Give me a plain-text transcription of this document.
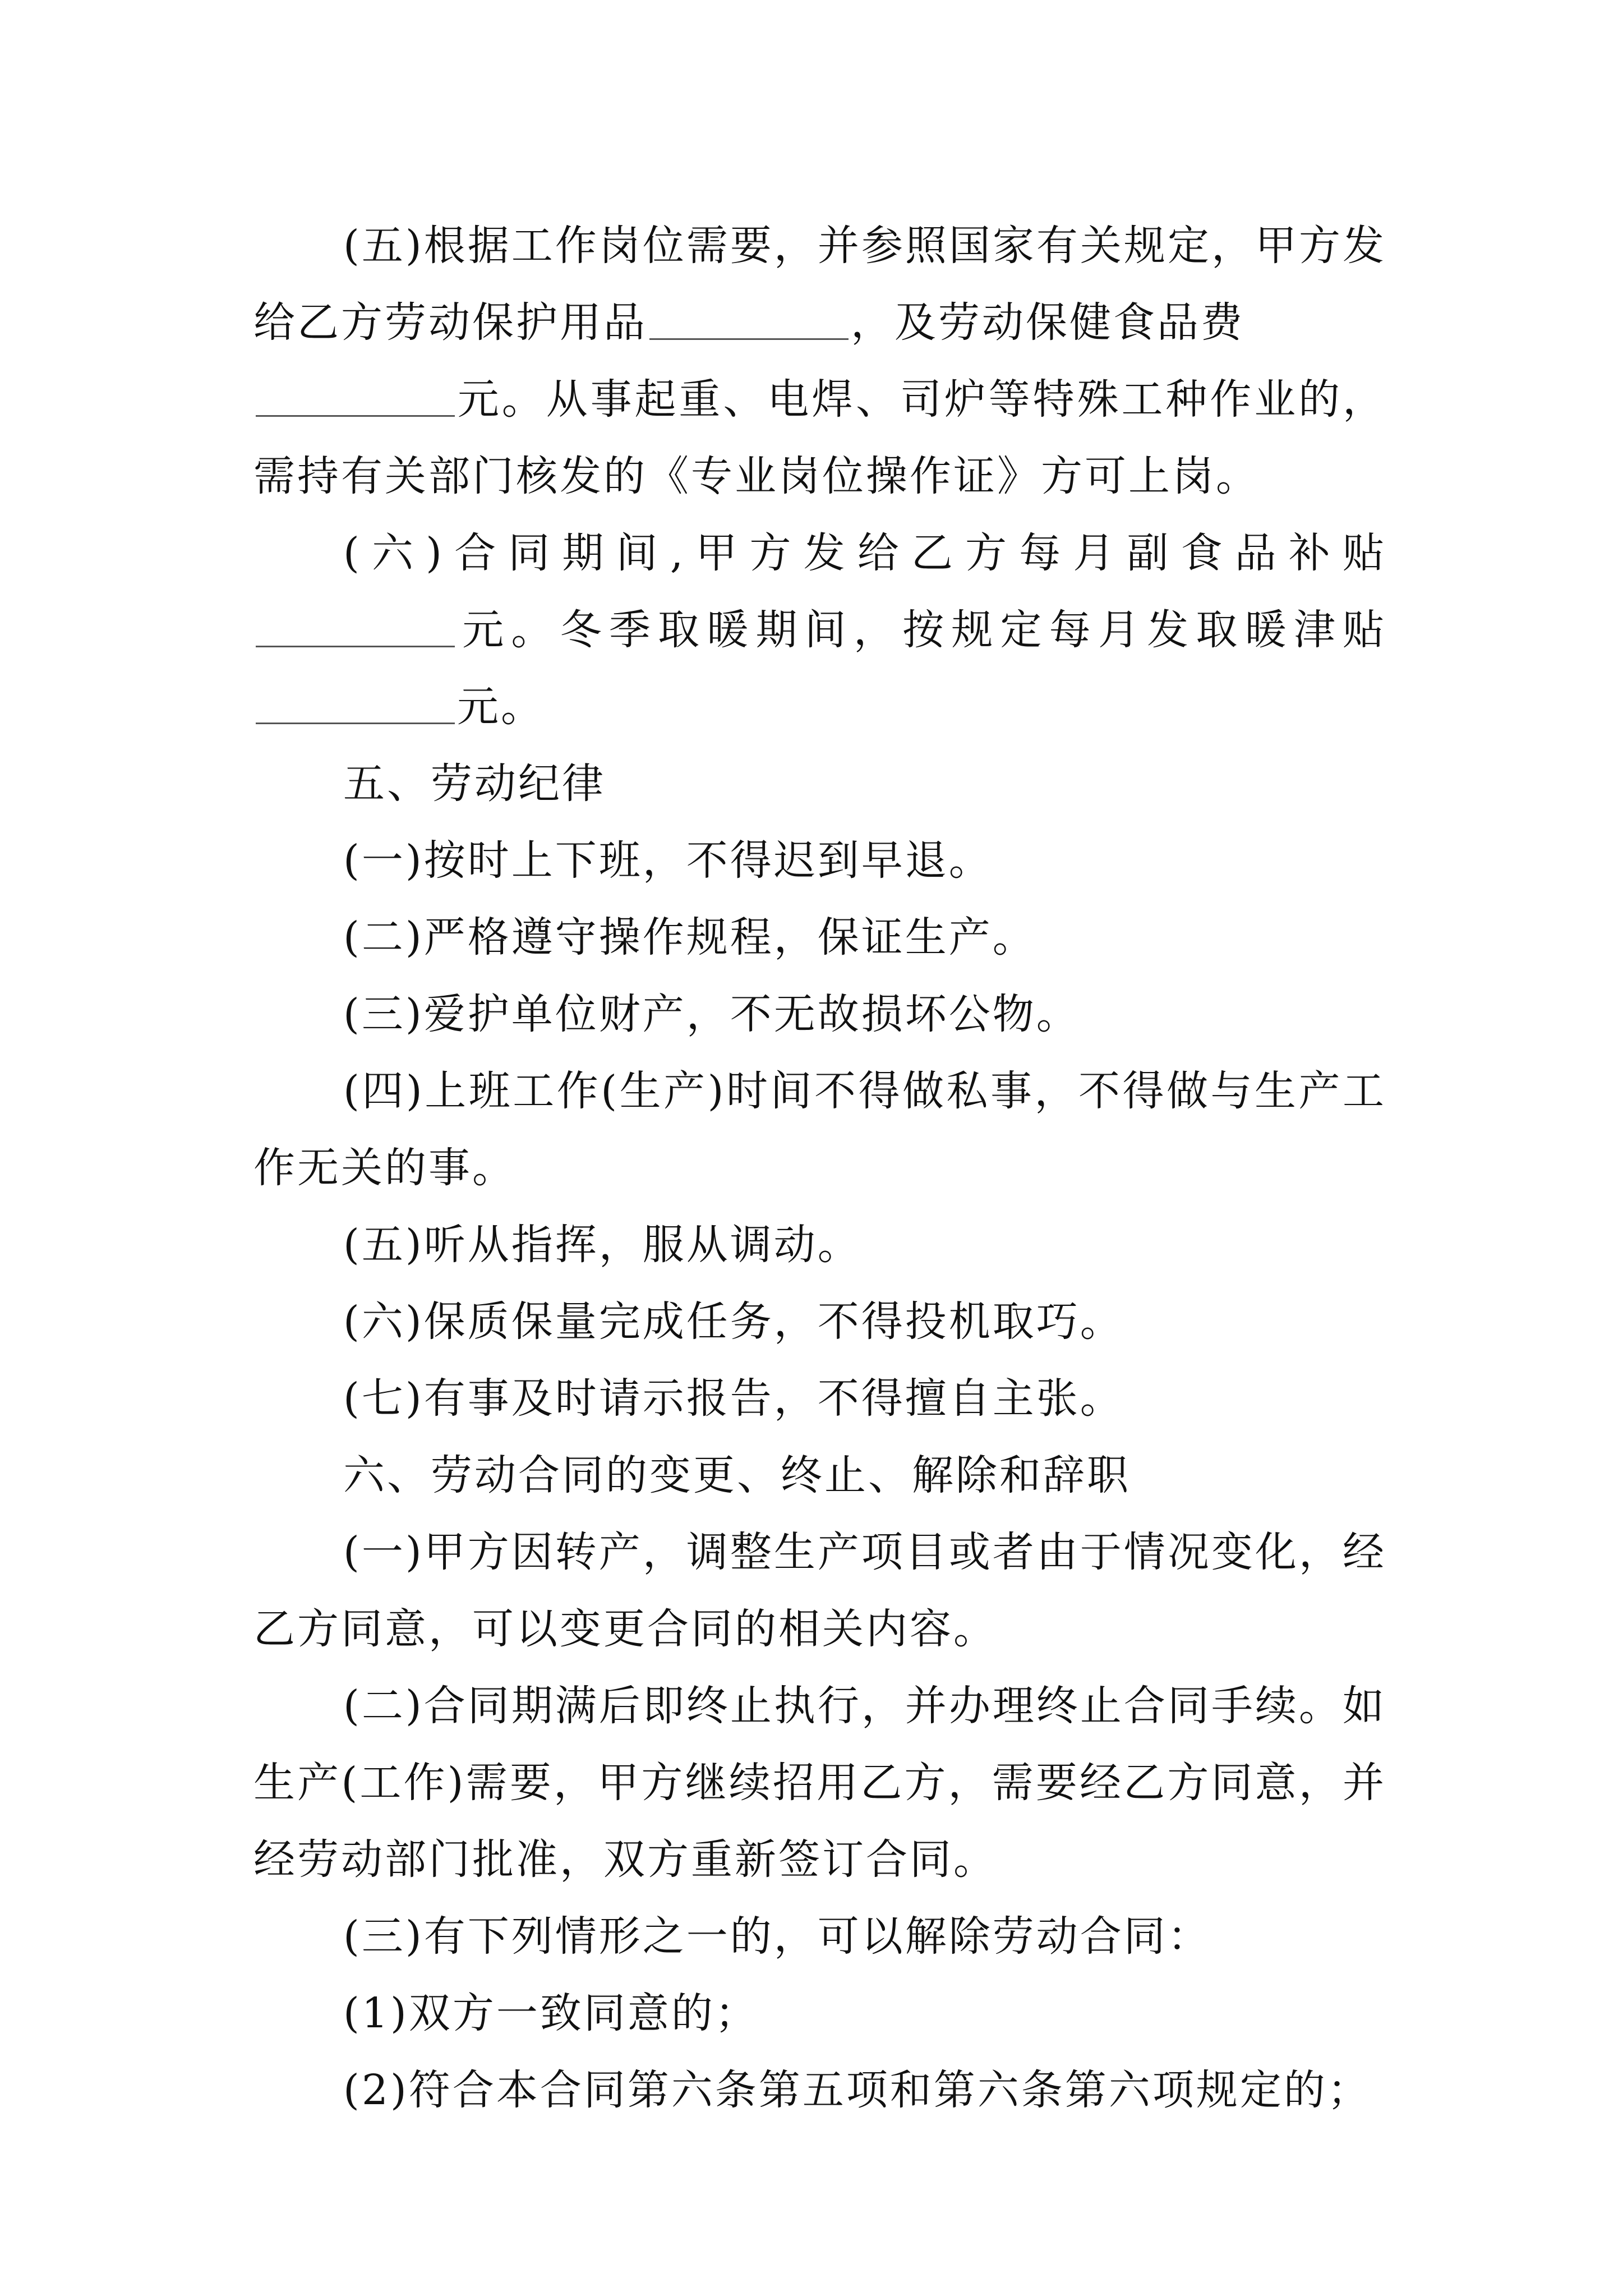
(五)根据工作岗位需要，并参照国家有关规定，甲方发给乙方劳动保护用品	，及劳动保健食品费
元。从事起重、电焊、司炉等特殊工种作业的，需持有关部门核发的《专业岗位操作证》方可上岗。

(六)合同期间,甲方发给乙方每月副食品补贴元。冬季取暖期间，按规定每月发取暖津贴元。

五、劳动纪律

(一)按时上下班，不得迟到早退。

(二)严格遵守操作规程，保证生产。

(三)爱护单位财产，不无故损坏公物。

(四)上班工作(生产)时间不得做私事，不得做与生产工作无关的事。

(五)听从指挥，服从调动。

(六)保质保量完成任务，不得投机取巧。

(七)有事及时请示报告，不得擅自主张。

六、劳动合同的变更、终止、解除和辞职

(一)甲方因转产，调整生产项目或者由于情况变化，经乙方同意，可以变更合同的相关内容。

(二)合同期满后即终止执行，并办理终止合同手续。如生产(工作)需要，甲方继续招用乙方，需要经乙方同意，并经劳动部门批准，双方重新签订合同。

(三)有下列情形之一的，可以解除劳动合同：

(1)双方一致同意的；

(2)符合本合同第六条第五项和第六条第六项规定的；
